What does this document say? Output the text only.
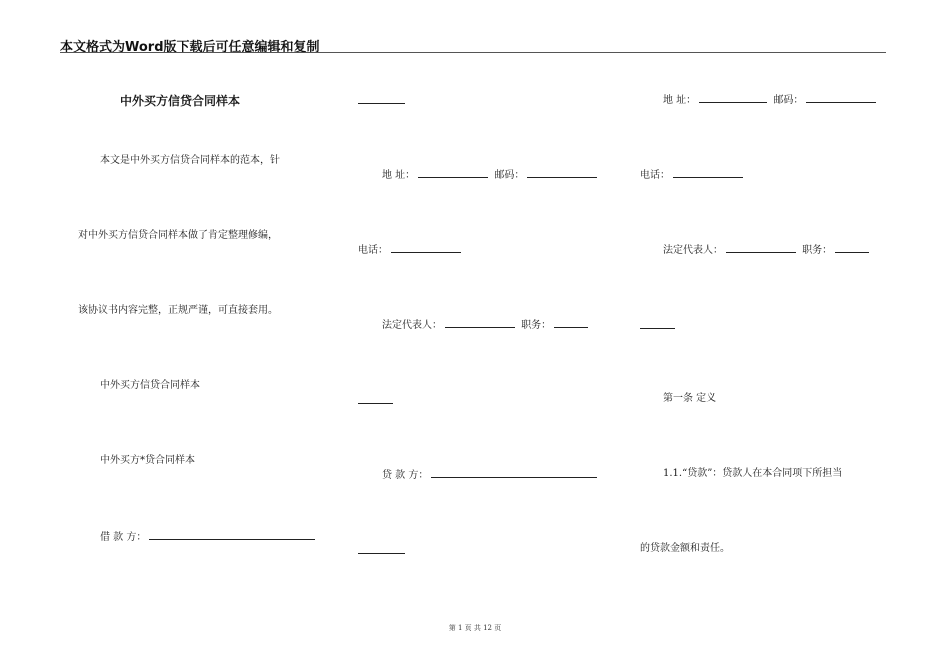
本文格式为Word版下载后可任意编辑和复制
中外买方信贷合同样本
本文是中外买方信贷合同样本的范本，针
对中外买方信贷合同样本做了肯定整理修编，
该协议书内容完整，正规严谨，可直接套用。
中外买方信贷合同样本
中外买方*贷合同样本
借 款 方：
地 址：	邮码：
电话：
法定代表人：	职务：
贷 款 方：
地 址：	邮码：
电话：
法定代表人：	职务：
第一条 定义
1.1.“贷款”：贷款人在本合同项下所担当
的贷款金额和责任。
第 1 页 共 12 页
